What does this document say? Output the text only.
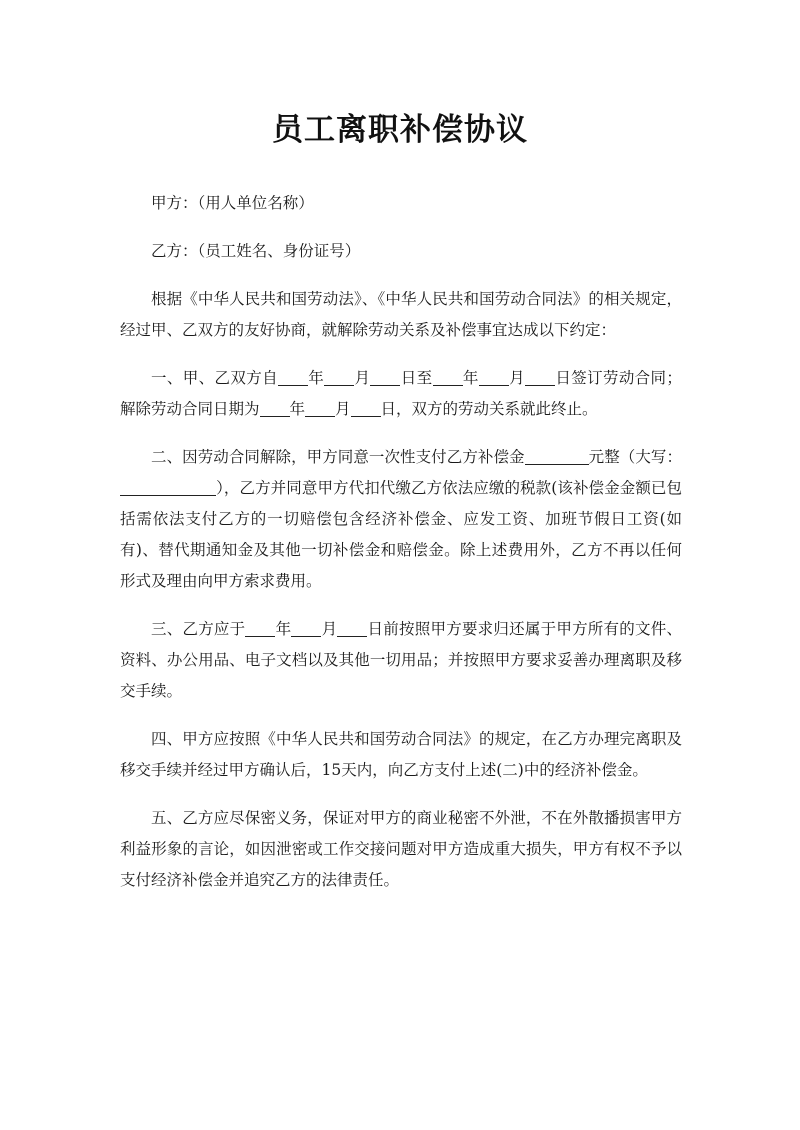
员工离职补偿协议

甲方：（用人单位名称）

乙方：（员工姓名、身份证号）

根据《中华人民共和国劳动法》、《中华人民共和国劳动合同法》的相关规定，经过甲、乙双方的友好协商，就解除劳动关系及补偿事宜达成以下约定：

一、甲、乙双方自 年 月 日至 年 月 日签订劳动合同；解除劳动合同日期为 年 月 日，双方的劳动关系就此终止。

二、因劳动合同解除，甲方同意一次性支付乙方补偿金	元整（大写：），乙方并同意甲方代扣代缴乙方依法应缴的税款(该补偿金金额已包括需依法支付乙方的一切赔偿包含经济补偿金、应发工资、加班节假日工资(如有)、替代期通知金及其他一切补偿金和赔偿金。除上述费用外，乙方不再以任何形式及理由向甲方索求费用。

三、乙方应于 年 月 日前按照甲方要求归还属于甲方所有的文件、资料、办公用品、电子文档以及其他一切用品；并按照甲方要求妥善办理离职及移交手续。

四、甲方应按照《中华人民共和国劳动合同法》的规定，在乙方办理完离职及移交手续并经过甲方确认后，15天内，向乙方支付上述(二)中的经济补偿金。

五、乙方应尽保密义务，保证对甲方的商业秘密不外泄，不在外散播损害甲方利益形象的言论，如因泄密或工作交接问题对甲方造成重大损失，甲方有权不予以支付经济补偿金并追究乙方的法律责任。
